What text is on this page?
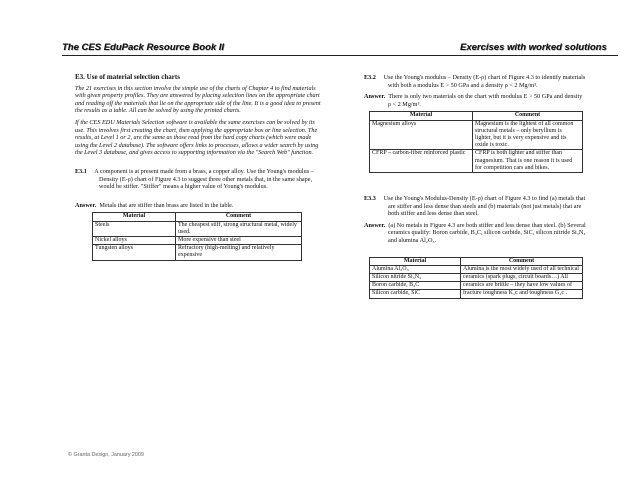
The CES EduPack Resource Book II	Exercises with worked solutions

E3. Use of material selection charts

The 21 exercises in this section involve the simple use of the charts of Chapter 4 to find materials with given property profiles. They are answered by placing selection lines on the appropriate chart and reading off the materials that lie on the appropriate side of the line. It is a good idea to present the results as a table. All can be solved by using the printed charts.

If the CES EDU Materials Selection software is available the same exercises can be solved by its use. This involves first creating the chart, then applying the appropriate box or line selection. The results, at Level 1 or 2, are the same as those read from the hard copy charts (which were made using the Level 2 database). The software offers links to processes, allows a wider search by using the Level 3 database, and gives access to supporting information via the "Search Web" function.

E3.1 A component is at present made from a brass, a copper alloy. Use the Young's modulus – Density (E-ρ) chart of Figure 4.3 to suggest three other metals that, in the same shape, would be stiffer. "Stiffer" means a higher value of Young's modulus.

Answer. Metals that are stiffer than brass are listed in the table.

Material	Comment
Steels	The cheapest stiff, strong structural metal, widely used.
Nickel alloys	More expensive than steel
Tungsten alloys	Refractory (high-melting) and relatively expensive

E3.2 Use the Young's modulus – Density (E-ρ) chart of Figure 4.3 to identify materials with both a modulus E > 50 GPa and a density ρ < 2 Mg/m³.

Answer. There is only two materials on the chart with modulus E > 50 GPa and density ρ < 2 Mg/m³.

Material	Comment
Magnesium alloys	Magnesium is the lightest of all common structural metals – only beryllium is lighter, but it is very expensive and its oxide is toxic.
CFRP – carbon-fiber reinforced plastic	CFRP is both lighter and stiffer than magnesium. That is one reason it is used for competition cars and bikes.

E3.3 Use the Young's Modulus-Density (E-ρ) chart of Figure 4.3 to find (a) metals that are stiffer and less dense than steels and (b) materials (not just metals) that are both stiffer and less dense than steel.

Answer. (a) No metals in Figure 4.3 are both stiffer and less dense than steel. (b) Several ceramics qualify: Boron carbide, B₄C, silicon carbide, SiC, silicon nitride Si₃N₄ and alumina Al₂O₃.

Material	Comment
Alumina Al₂O₃	Alumina is the most widely used of all technical
Silicon nitride Si₃N₄	ceramics (spark plugs, circuit boards…) All
Boron carbide, B₄C	ceramics are brittle – they have low values of
Silicon carbide, SiC	fracture toughness K₁c and toughness G₁c .
© Granta Design, January 2009
